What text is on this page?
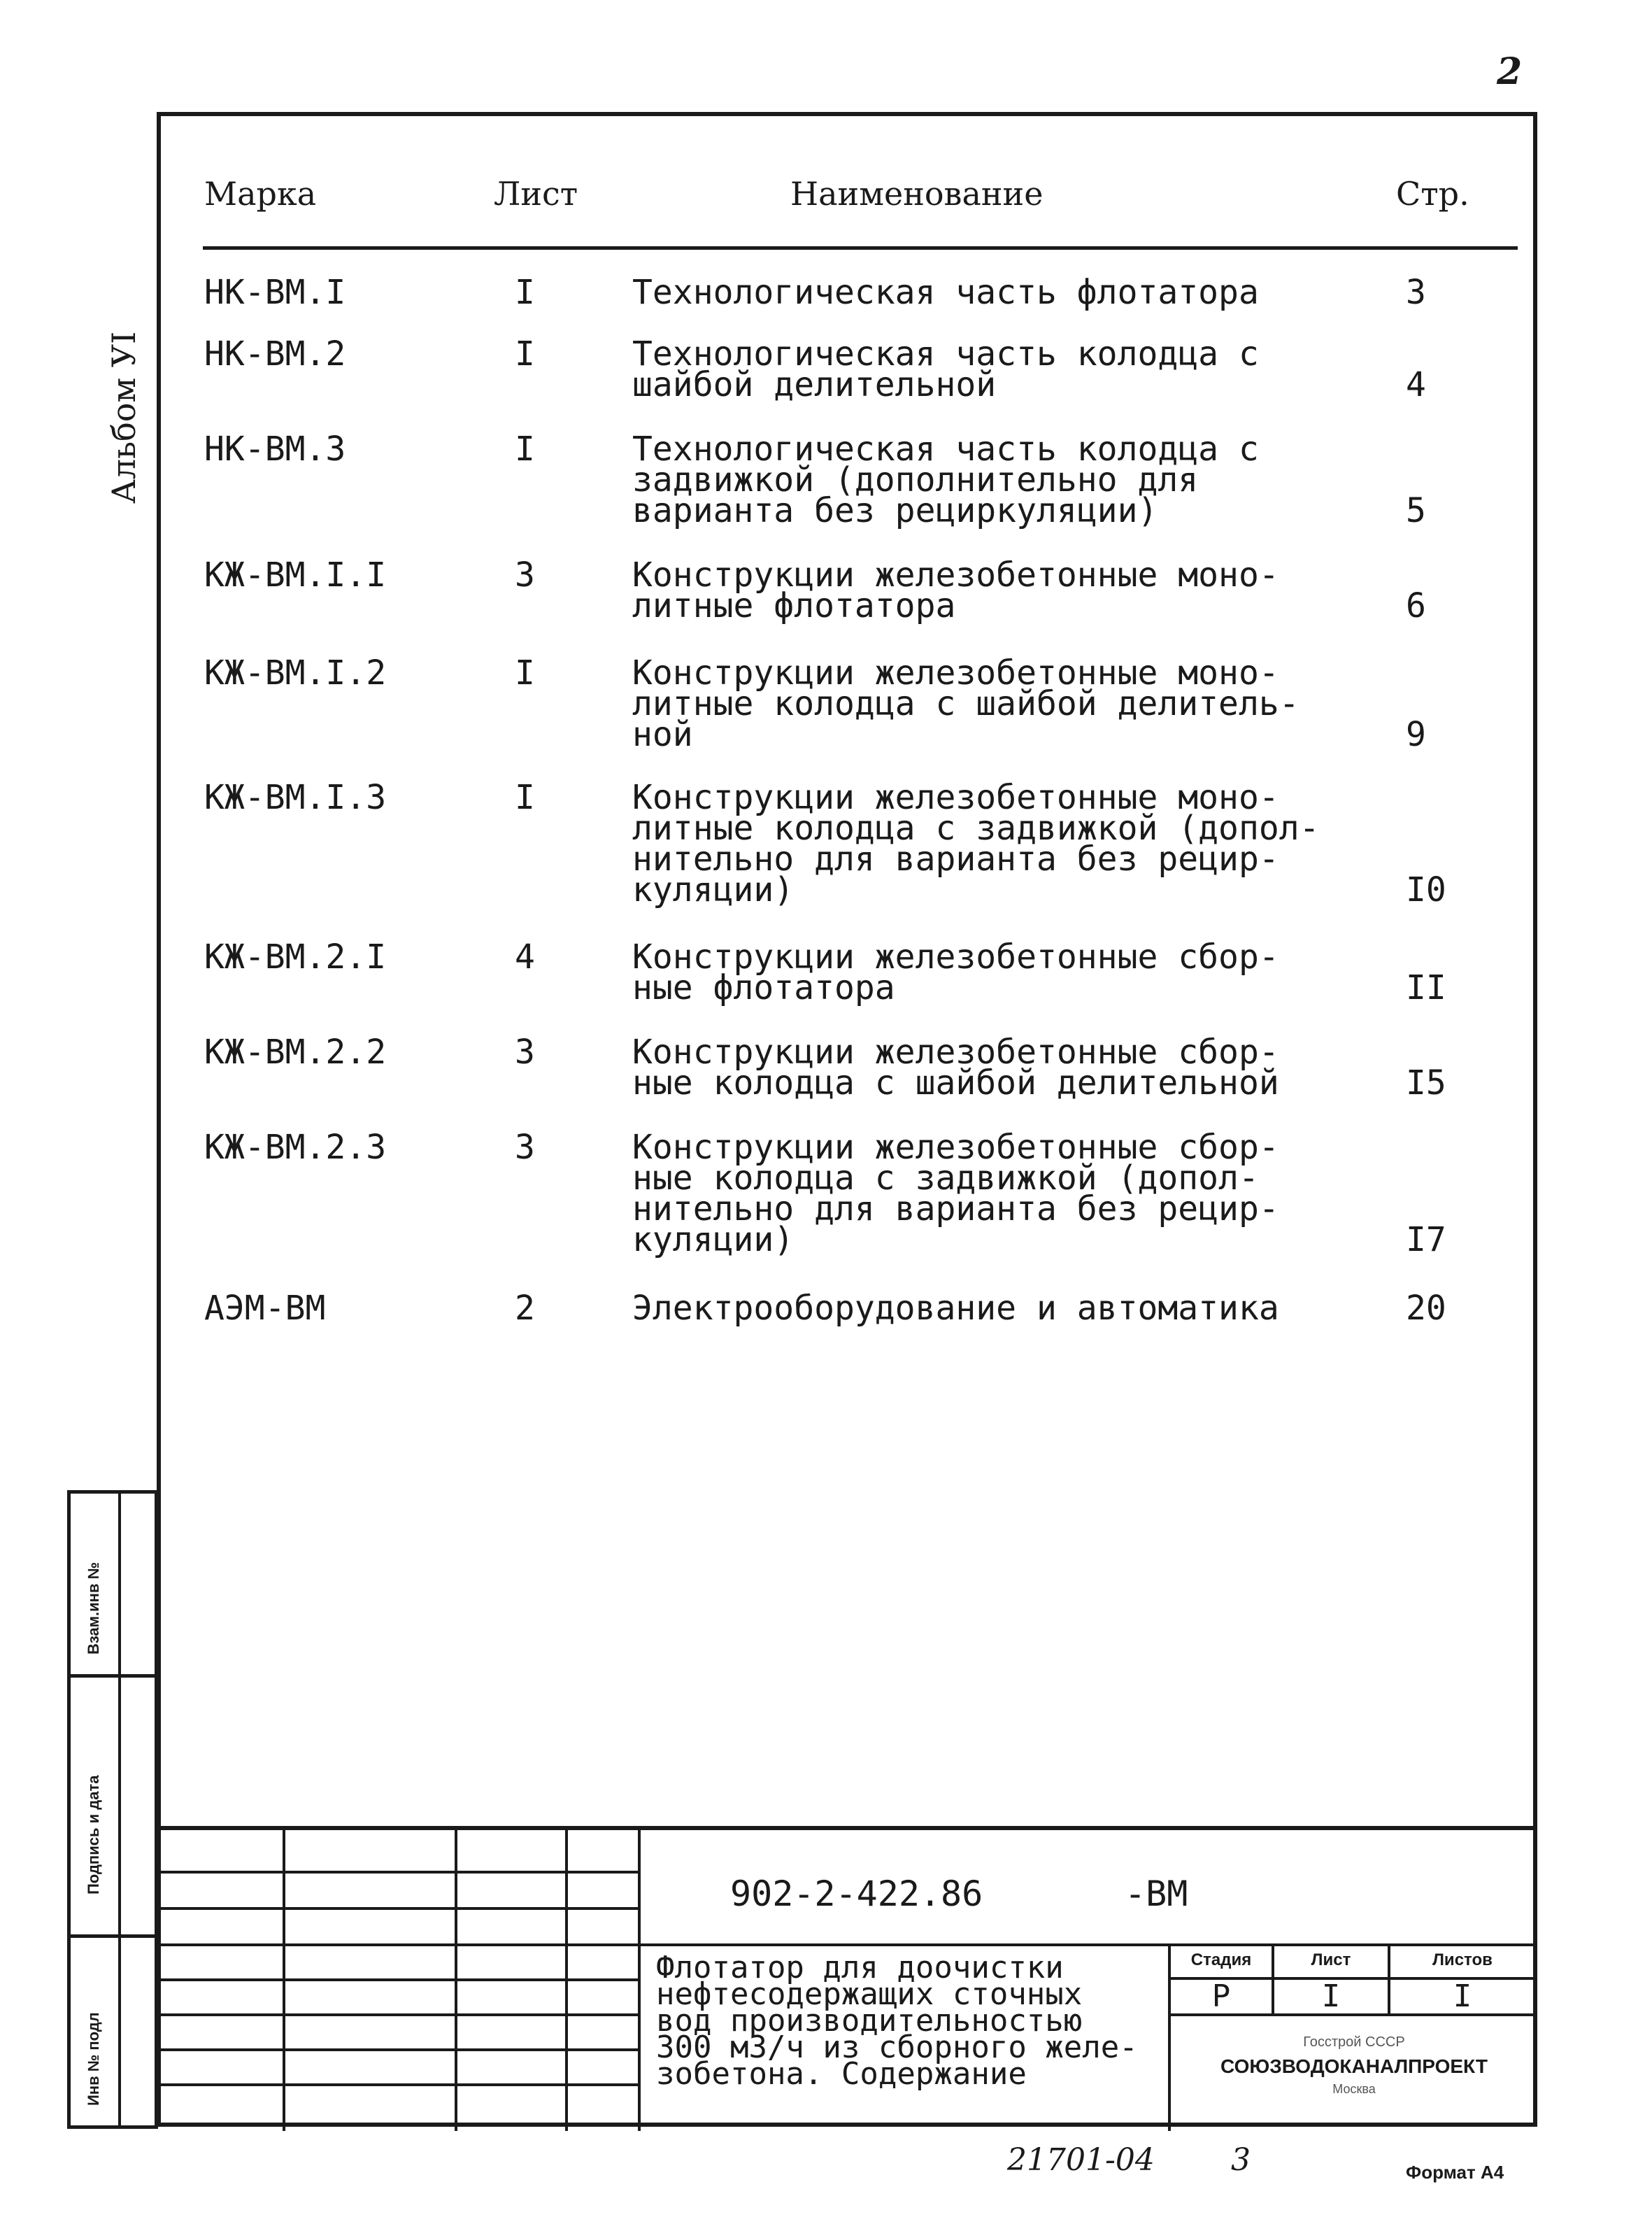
2
Альбом УІ
Марка	Лист	Наименование	Стр.
НК-ВМ.I	I	Технологическая часть флотатора	3
НК-ВМ.2	I	Технологическая часть колодца с
шайбой делительной	4
НК-ВМ.3	I	Технологическая часть колодца с
задвижкой (дополнительно для
варианта без рециркуляции)	5
КЖ-ВМ.I.I	3	Конструкции железобетонные моно-
литные флотатора	6
КЖ-ВМ.I.2	I	Конструкции железобетонные моно-
литные колодца с шайбой делитель-
ной	9
КЖ-ВМ.I.3	I	Конструкции железобетонные моно-
литные колодца с задвижкой (допол-
нительно для варианта без рецир-
куляции)	I0
КЖ-ВМ.2.I	4	Конструкции железобетонные сбор-
ные флотатора	II
КЖ-ВМ.2.2	3	Конструкции железобетонные сбор-
ные колодца с шайбой делительной	I5
КЖ-ВМ.2.3	3	Конструкции железобетонные сбор-
ные колодца с задвижкой (допол-
нительно для варианта без рецир-
куляции)	I7
АЭМ-ВМ	2	Электрооборудование и автоматика	20
Взам.инв №
Подпись и дата
Инв № подл
902-2-422.86	-ВМ
Флотатор для доочистки
нефтесодержащих сточных
вод производительностью
300 м3/ч из сборного желе-
зобетона. Содержание
Стадия	Лист	Листов
Р	I	I
Госстрой СССР
СОЮЗВОДОКАНАЛПРОЕКТ
Москва
21701-04 3	Формат А4
